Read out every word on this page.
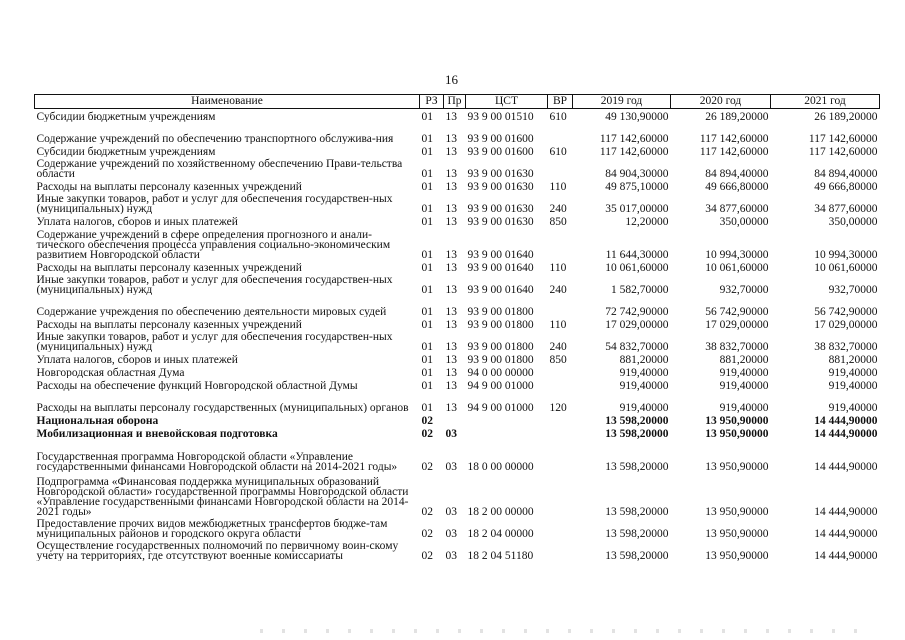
16
Наименование	РЗ	Пр	ЦСТ	ВР	2019 год	2020 год	2021 год
Субсидии бюджетным учреждениям	01	13	93 9 00 01510	610	49 130,90000	26 189,20000	26 189,20000
Содержание учреждений по обеспечению транспортного обслужива-ния	01	13	93 9 00 01600		117 142,60000	117 142,60000	117 142,60000
Субсидии бюджетным учреждениям	01	13	93 9 00 01600	610	117 142,60000	117 142,60000	117 142,60000
Содержание учреждений по хозяйственному обеспечению Прави-тельства области	01	13	93 9 00 01630		84 904,30000	84 894,40000	84 894,40000
Расходы на выплаты персоналу казенных учреждений	01	13	93 9 00 01630	110	49 875,10000	49 666,80000	49 666,80000
Иные закупки товаров, работ и услуг для обеспечения государствен-ных (муниципальных) нужд	01	13	93 9 00 01630	240	35 017,00000	34 877,60000	34 877,60000
Уплата налогов, сборов и иных платежей	01	13	93 9 00 01630	850	12,20000	350,00000	350,00000
Содержание учреждений в сфере определения прогнозного и анали-тического обеспечения процесса управления социально-экономическим развитием Новгородской области	01	13	93 9 00 01640		11 644,30000	10 994,30000	10 994,30000
Расходы на выплаты персоналу казенных учреждений	01	13	93 9 00 01640	110	10 061,60000	10 061,60000	10 061,60000
Иные закупки товаров, работ и услуг для обеспечения государствен-ных (муниципальных) нужд	01	13	93 9 00 01640	240	1 582,70000	932,70000	932,70000
Содержание учреждения по обеспечению деятельности мировых судей	01	13	93 9 00 01800		72 742,90000	56 742,90000	56 742,90000
Расходы на выплаты персоналу казенных учреждений	01	13	93 9 00 01800	110	17 029,00000	17 029,00000	17 029,00000
Иные закупки товаров, работ и услуг для обеспечения государствен-ных (муниципальных) нужд	01	13	93 9 00 01800	240	54 832,70000	38 832,70000	38 832,70000
Уплата налогов, сборов и иных платежей	01	13	93 9 00 01800	850	881,20000	881,20000	881,20000
Новгородская областная Дума	01	13	94 0 00 00000		919,40000	919,40000	919,40000
Расходы на обеспечение функций Новгородской областной Думы	01	13	94 9 00 01000		919,40000	919,40000	919,40000
Расходы на выплаты персоналу государственных (муниципальных) органов	01	13	94 9 00 01000	120	919,40000	919,40000	919,40000
Национальная оборона	02				13 598,20000	13 950,90000	14 444,90000
Мобилизационная и вневойсковая подготовка	02	03			13 598,20000	13 950,90000	14 444,90000
Государственная программа Новгородской области «Управление государственными финансами Новгородской области на 2014-2021 годы»	02	03	18 0 00 00000		13 598,20000	13 950,90000	14 444,90000
Подпрограмма «Финансовая поддержка муниципальных образований Новгородской области» государственной программы Новгородской области «Управление государственными финансами Новгородской области на 2014-2021 годы»	02	03	18 2 00 00000		13 598,20000	13 950,90000	14 444,90000
Предоставление прочих видов межбюджетных трансфертов бюдже-там муниципальных районов и городского округа области	02	03	18 2 04 00000		13 598,20000	13 950,90000	14 444,90000
Осуществление государственных полномочий по первичному воин-скому учету на территориях, где отсутствуют военные комиссариаты	02	03	18 2 04 51180		13 598,20000	13 950,90000	14 444,90000
